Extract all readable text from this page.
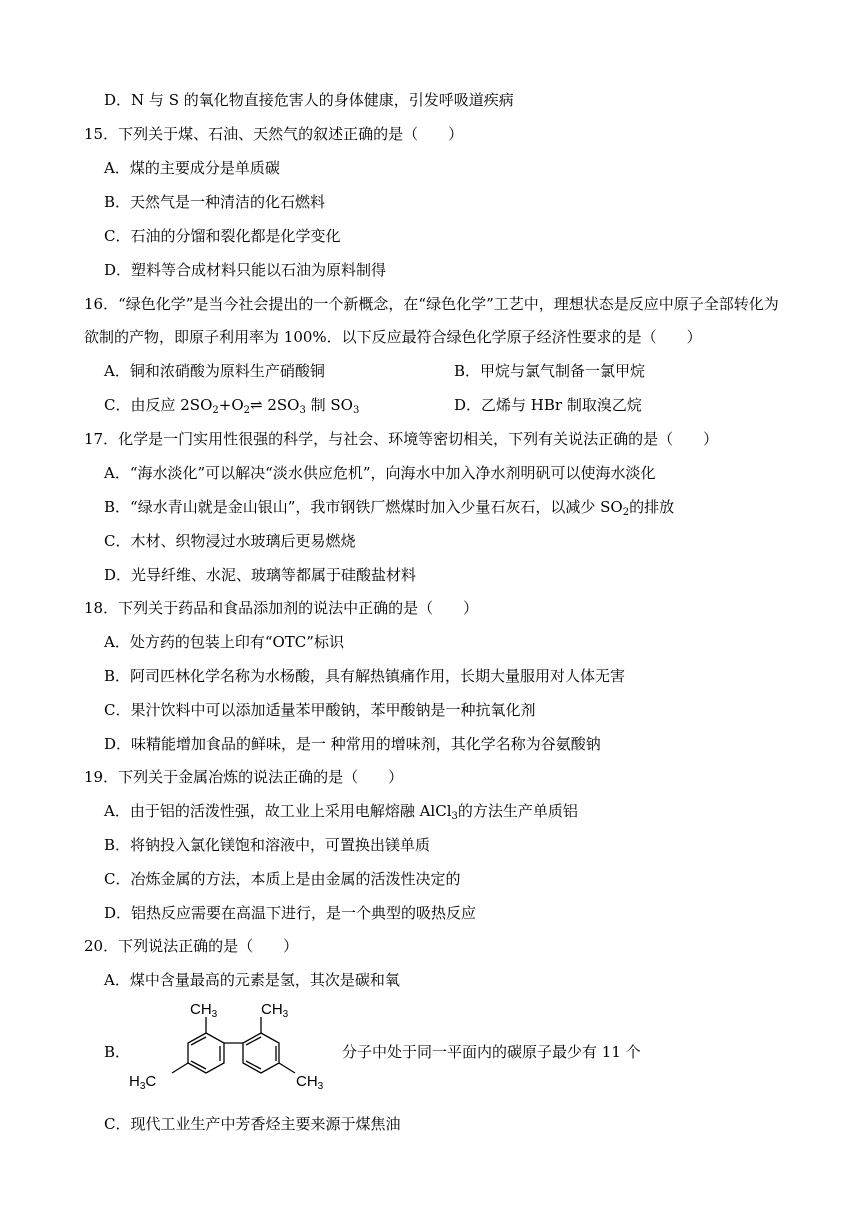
D．N 与 S 的氧化物直接危害人的身体健康，引发呼吸道疾病
15．下列关于煤、石油、天然气的叙述正确的是（　　）
A．煤的主要成分是单质碳
B．天然气是一种清洁的化石燃料
C．石油的分馏和裂化都是化学变化
D．塑料等合成材料只能以石油为原料制得
16．“绿色化学”是当今社会提出的一个新概念，在“绿色化学”工艺中，理想状态是反应中原子全部转化为
欲制的产物，即原子利用率为 100%．以下反应最符合绿色化学原子经济性要求的是（　　）
A．铜和浓硝酸为原料生产硝酸铜	B．甲烷与氯气制备一氯甲烷
C．由反应 $2SO_2+O_2\rightleftharpoons$ $2SO_3$ 制 $SO_3$	D．乙烯与 HBr 制取溴乙烷
17．化学是一门实用性很强的科学，与社会、环境等密切相关，下列有关说法正确的是（　　）
A．“海水淡化”可以解决“淡水供应危机”，向海水中加入净水剂明矾可以使海水淡化
B．“绿水青山就是金山银山”，我市钢铁厂燃煤时加入少量石灰石，以减少 $SO_2$的排放
C．木材、织物浸过水玻璃后更易燃烧
D．光导纤维、水泥、玻璃等都属于硅酸盐材料
18．下列关于药品和食品添加剂的说法中正确的是（　　）
A．处方药的包装上印有“OTC”标识
B．阿司匹林化学名称为水杨酸，具有解热镇痛作用，长期大量服用对人体无害
C．果汁饮料中可以添加适量苯甲酸钠，苯甲酸钠是一种抗氧化剂
D．味精能增加食品的鲜味，是一 种常用的增味剂，其化学名称为谷氨酸钠
19．下列关于金属冶炼的说法正确的是（　　）
A．由于铝的活泼性强，故工业上采用电解熔融 AlCl$_3$的方法生产单质铝
B．将钠投入氯化镁饱和溶液中，可置换出镁单质
C．冶炼金属的方法，本质上是由金属的活泼性决定的
D．铝热反应需要在高温下进行，是一个典型的吸热反应
20．下列说法正确的是（　　）
A．煤中含量最高的元素是氢，其次是碳和氧
B．
$CH_3$	$CH_3$
$H_3C$	$CH_3$
分子中处于同一平面内的碳原子最少有 11 个
C．现代工业生产中芳香烃主要来源于煤焦油
